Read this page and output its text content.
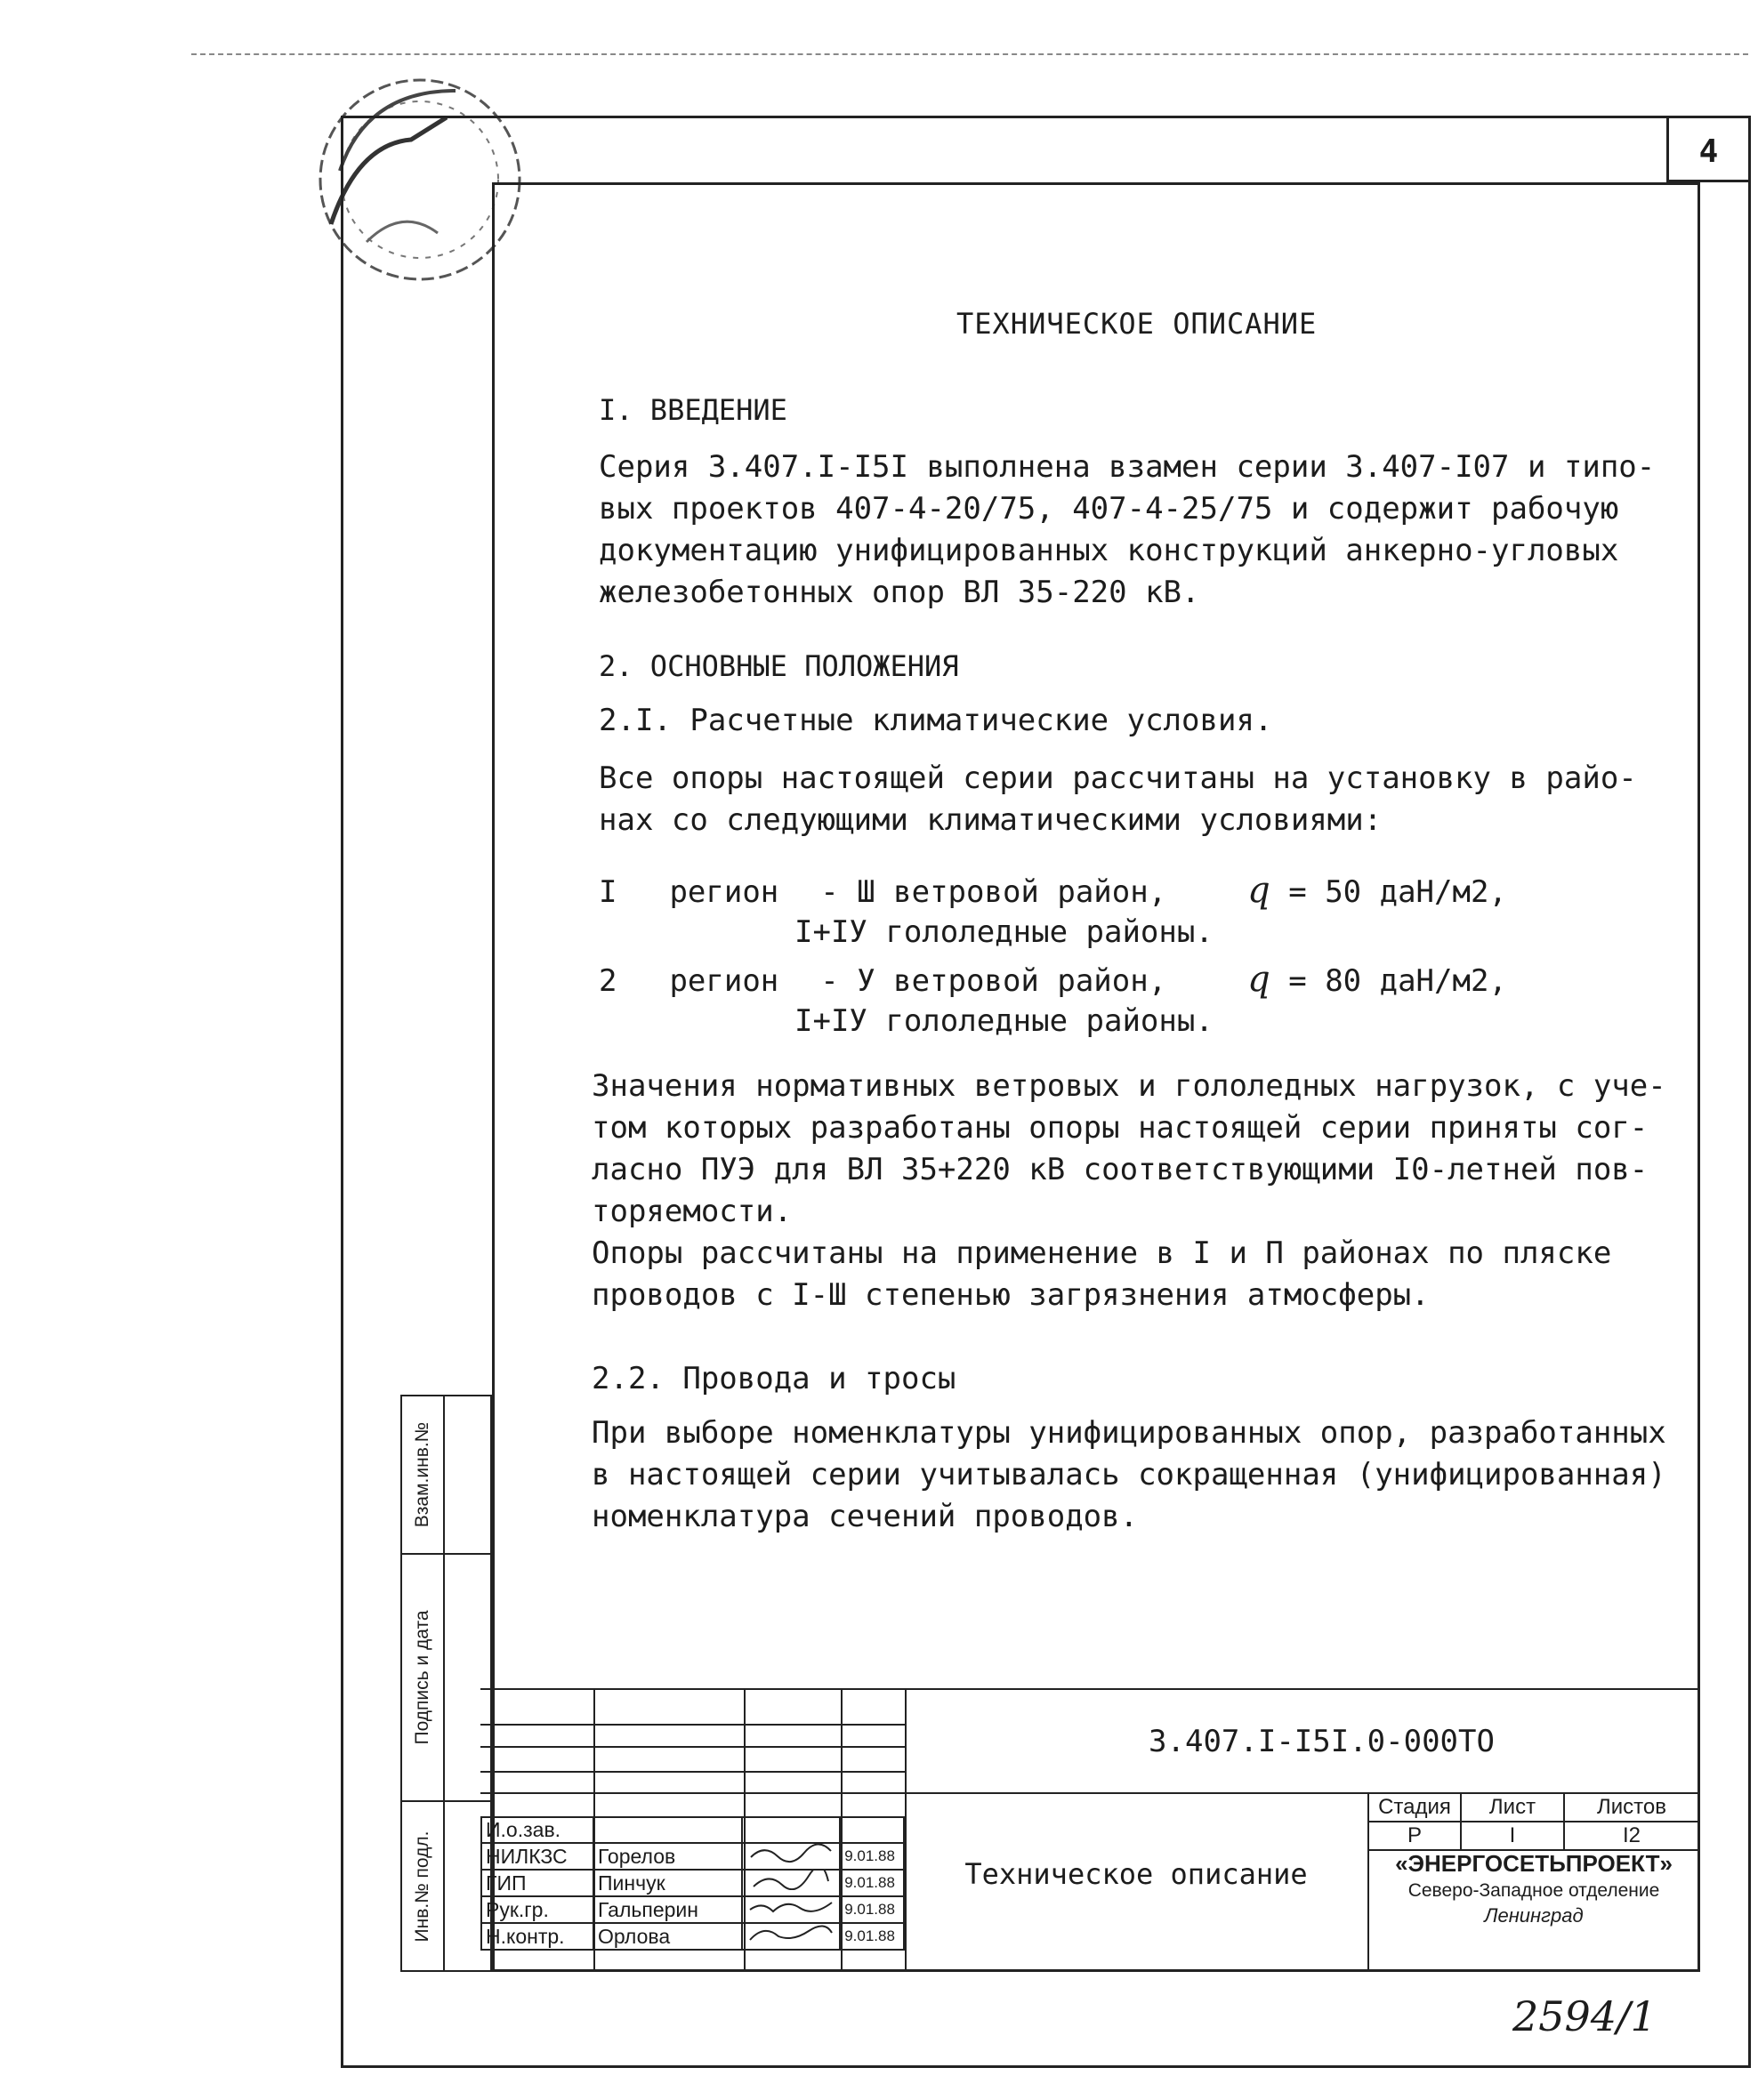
4
ТЕХНИЧЕСКОЕ ОПИСАНИЕ
I. ВВЕДЕНИЕ

Серия 3.407.I-I5I выполнена взамен серии 3.407-I07 и типо-

вых проектов 407-4-20/75, 407-4-25/75 и содержит рабочую

документацию унифицированных конструкций анкерно-угловых

железобетонных опор ВЛ 35-220 кВ.

2. ОСНОВНЫЕ ПОЛОЖЕНИЯ
2.I. Расчетные климатические условия.

Все опоры настоящей серии рассчитаны на установку в райо-

нах со следующими климатическими условиями:

I регион - Ш ветровой район, q = 50 даН/м2,
I+IУ гололедные районы.
2 регион - У ветровой район, q = 80 даН/м2,
I+IУ гололедные районы.

Значения нормативных ветровых и гололедных нагрузок, с уче-

том которых разработаны опоры настоящей серии приняты сог-

ласно ПУЭ для ВЛ 35+220 кВ соответствующими I0-летней пов-

торяемости.

Опоры рассчитаны на применение в I и П районах по пляске

проводов с I-Ш степенью загрязнения атмосферы.

2.2. Провода и тросы

При выборе номенклатуры унифицированных опор, разработанных

в настоящей серии учитывалась сокращенная (унифицированная)

номенклатура сечений проводов.

Взам.инв.№
Подпись и дата
Инв.№ подл.
3.407.I-I5I.0-000ТО
И.о.зав.			
НИЛКЗС	Горелов		9.01.88
ГИП	Пинчук		9.01.88
Рук.гр.	Гальперин		9.01.88
Н.контр.	Орлова		9.01.88
Техническое описание
Стадия	Лист	Листов
Р	I	I2
«ЭНЕРГОСЕТЬПРОЕКТ»
Северо-Западное отделение
Ленинград
2594/1
